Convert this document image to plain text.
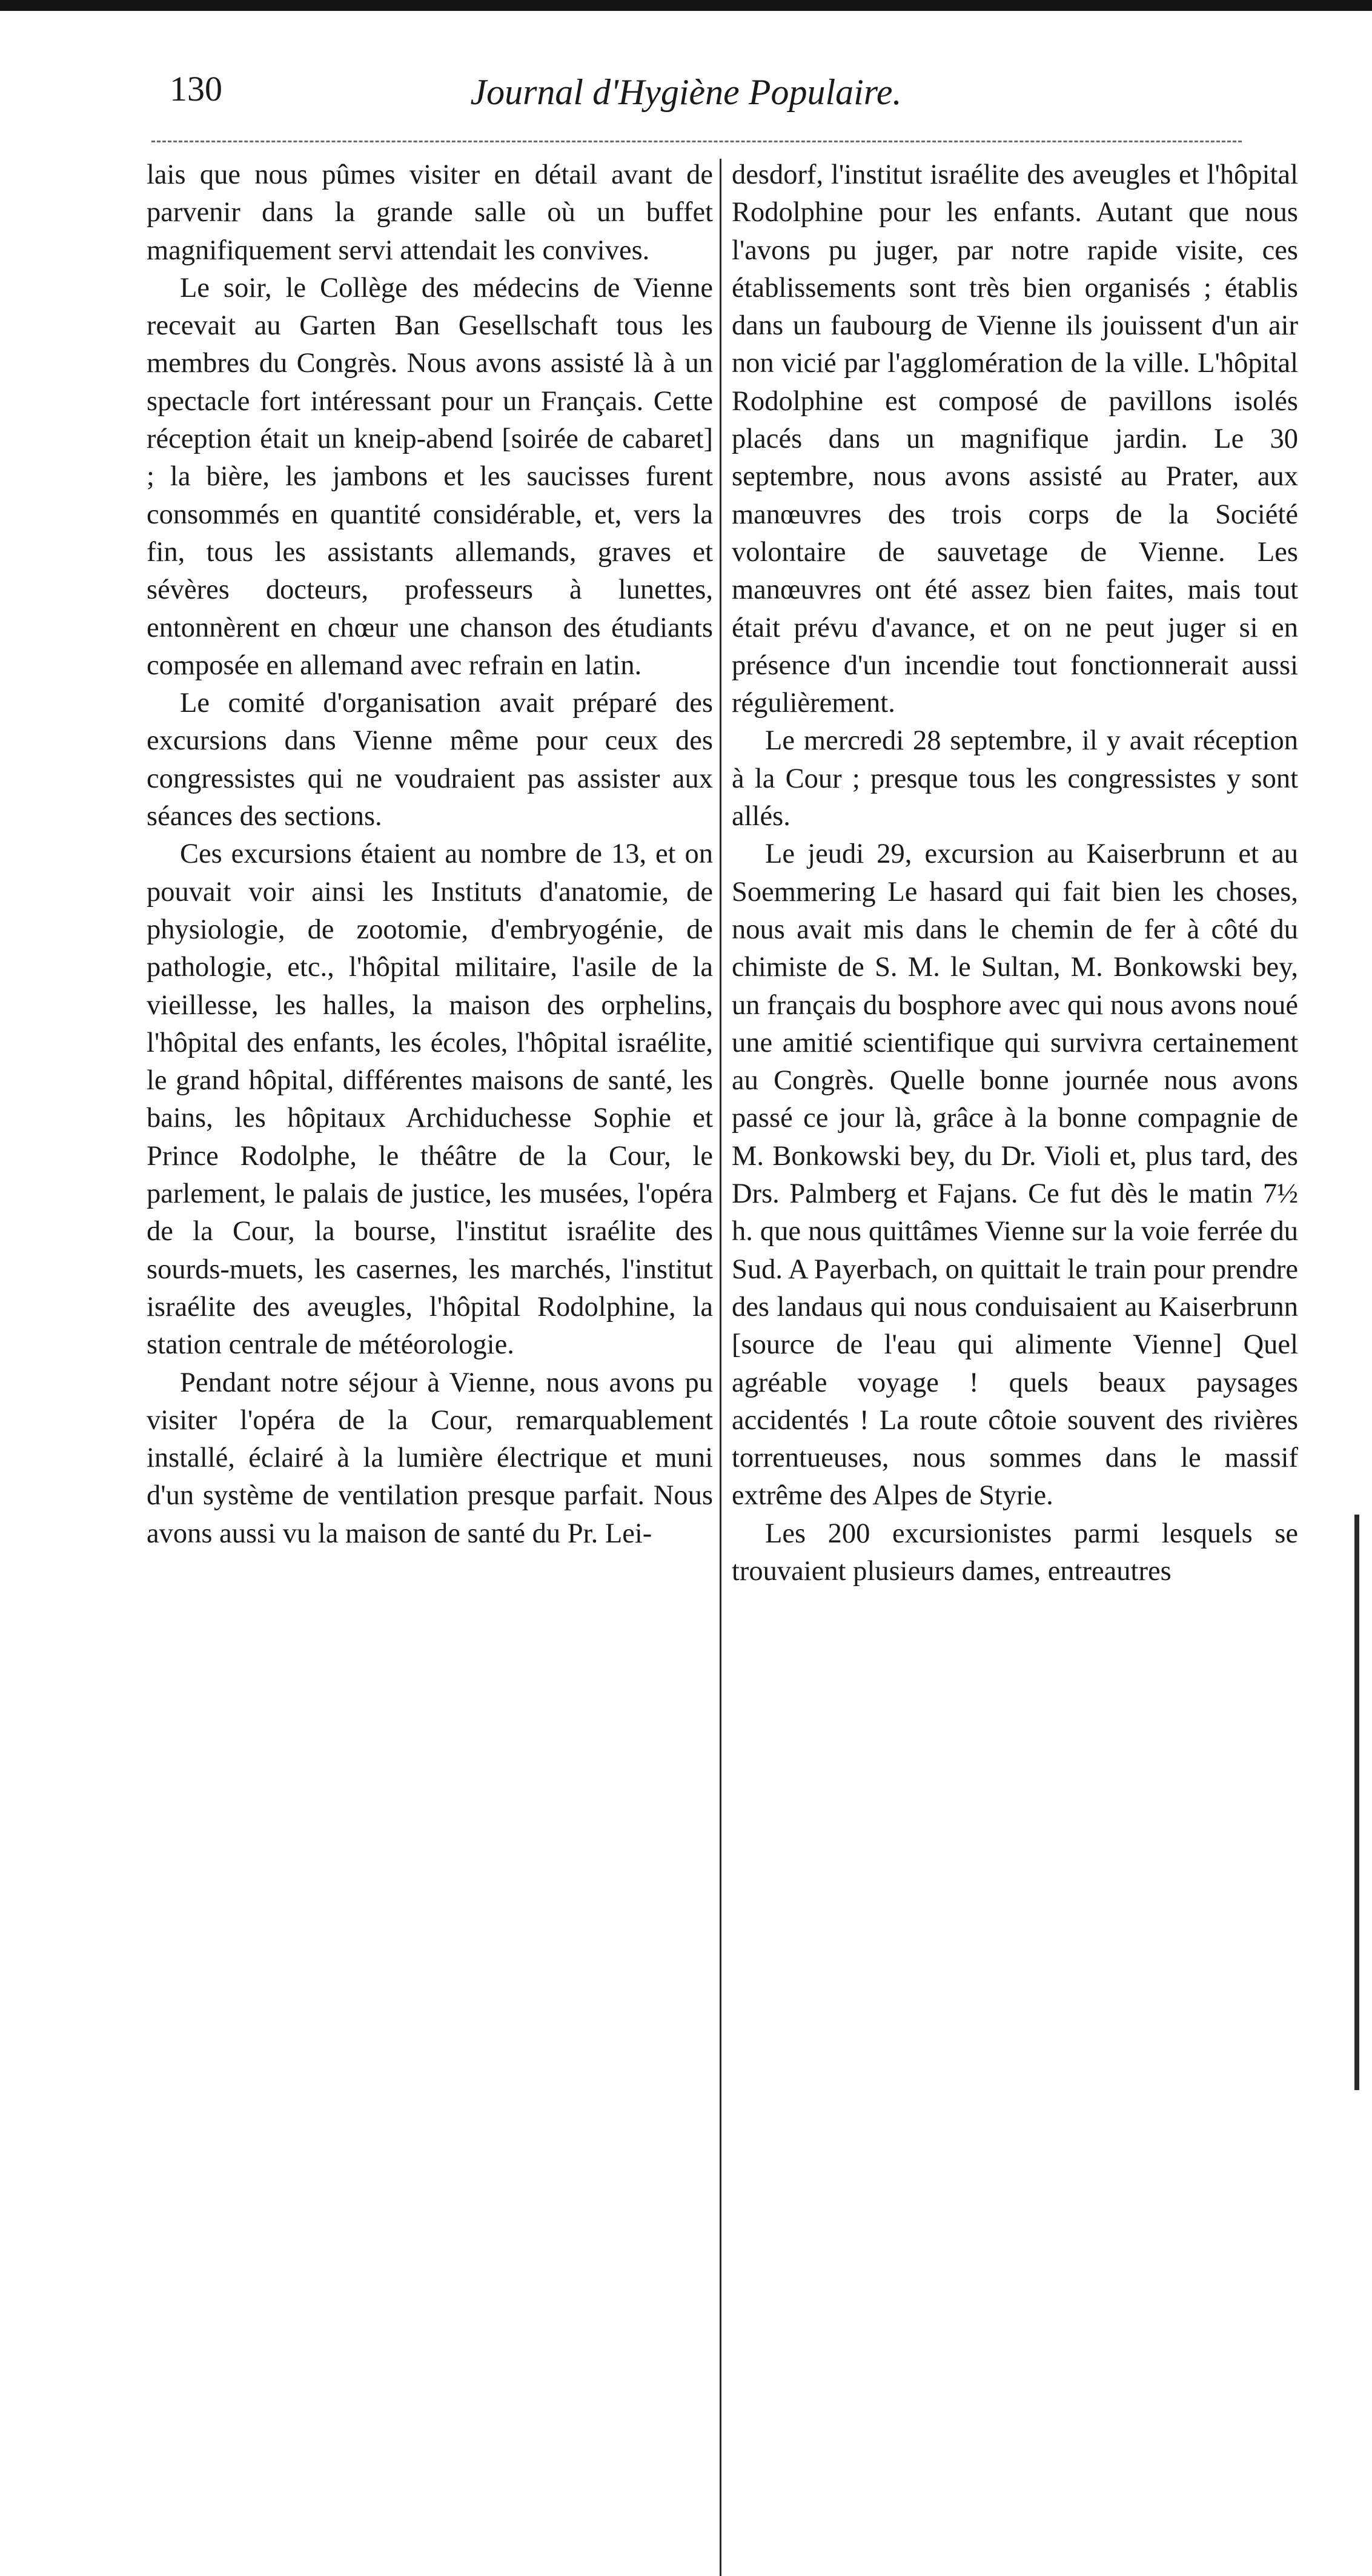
130	Journal d'Hygiène Populaire.

lais que nous pûmes visiter en détail avant de parvenir dans la grande salle où un buffet magnifiquement servi attendait les convives.

Le soir, le Collège des médecins de Vienne recevait au Garten Ban Gesellschaft tous les membres du Congrès. Nous avons assisté là à un spectacle fort intéressant pour un Français. Cette réception était un kneip-abend [soirée de cabaret] ; la bière, les jambons et les saucisses furent consommés en quantité considérable, et, vers la fin, tous les assistants allemands, graves et sévères docteurs, professeurs à lunettes, entonnèrent en chœur une chanson des étudiants composée en allemand avec refrain en latin.

Le comité d'organisation avait préparé des excursions dans Vienne même pour ceux des congressistes qui ne voudraient pas assister aux séances des sections.

Ces excursions étaient au nombre de 13, et on pouvait voir ainsi les Instituts d'anatomie, de physiologie, de zootomie, d'embryogénie, de pathologie, etc., l'hôpital militaire, l'asile de la vieillesse, les halles, la maison des orphelins, l'hôpital des enfants, les écoles, l'hôpital israélite, le grand hôpital, différentes maisons de santé, les bains, les hôpitaux Archiduchesse Sophie et Prince Rodolphe, le théâtre de la Cour, le parlement, le palais de justice, les musées, l'opéra de la Cour, la bourse, l'institut israélite des sourds-muets, les casernes, les marchés, l'institut israélite des aveugles, l'hôpital Rodolphine, la station centrale de météorologie.

Pendant notre séjour à Vienne, nous avons pu visiter l'opéra de la Cour, remarquablement installé, éclairé à la lumière électrique et muni d'un système de ventilation presque parfait. Nous avons aussi vu la maison de santé du Pr. Lei-

desdorf, l'institut israélite des aveugles et l'hôpital Rodolphine pour les enfants. Autant que nous l'avons pu juger, par notre rapide visite, ces établissements sont très bien organisés ; établis dans un faubourg de Vienne ils jouissent d'un air non vicié par l'agglomération de la ville. L'hôpital Rodolphine est composé de pavillons isolés placés dans un magnifique jardin. Le 30 septembre, nous avons assisté au Prater, aux manœuvres des trois corps de la Société volontaire de sauvetage de Vienne. Les manœuvres ont été assez bien faites, mais tout était prévu d'avance, et on ne peut juger si en présence d'un incendie tout fonctionnerait aussi régulièrement.

Le mercredi 28 septembre, il y avait réception à la Cour ; presque tous les congressistes y sont allés.

Le jeudi 29, excursion au Kaiserbrunn et au Soemmering Le hasard qui fait bien les choses, nous avait mis dans le chemin de fer à côté du chimiste de S. M. le Sultan, M. Bonkowski bey, un français du bosphore avec qui nous avons noué une amitié scientifique qui survivra certainement au Congrès. Quelle bonne journée nous avons passé ce jour là, grâce à la bonne compagnie de M. Bonkowski bey, du Dr. Violi et, plus tard, des Drs. Palmberg et Fajans. Ce fut dès le matin 7½ h. que nous quittâmes Vienne sur la voie ferrée du Sud. A Payerbach, on quittait le train pour prendre des landaus qui nous conduisaient au Kaiserbrunn [source de l'eau qui alimente Vienne] Quel agréable voyage ! quels beaux paysages accidentés ! La route côtoie souvent des rivières torrentueuses, nous sommes dans le massif extrême des Alpes de Styrie.

Les 200 excursionistes parmi lesquels se trouvaient plusieurs dames, entreautres
